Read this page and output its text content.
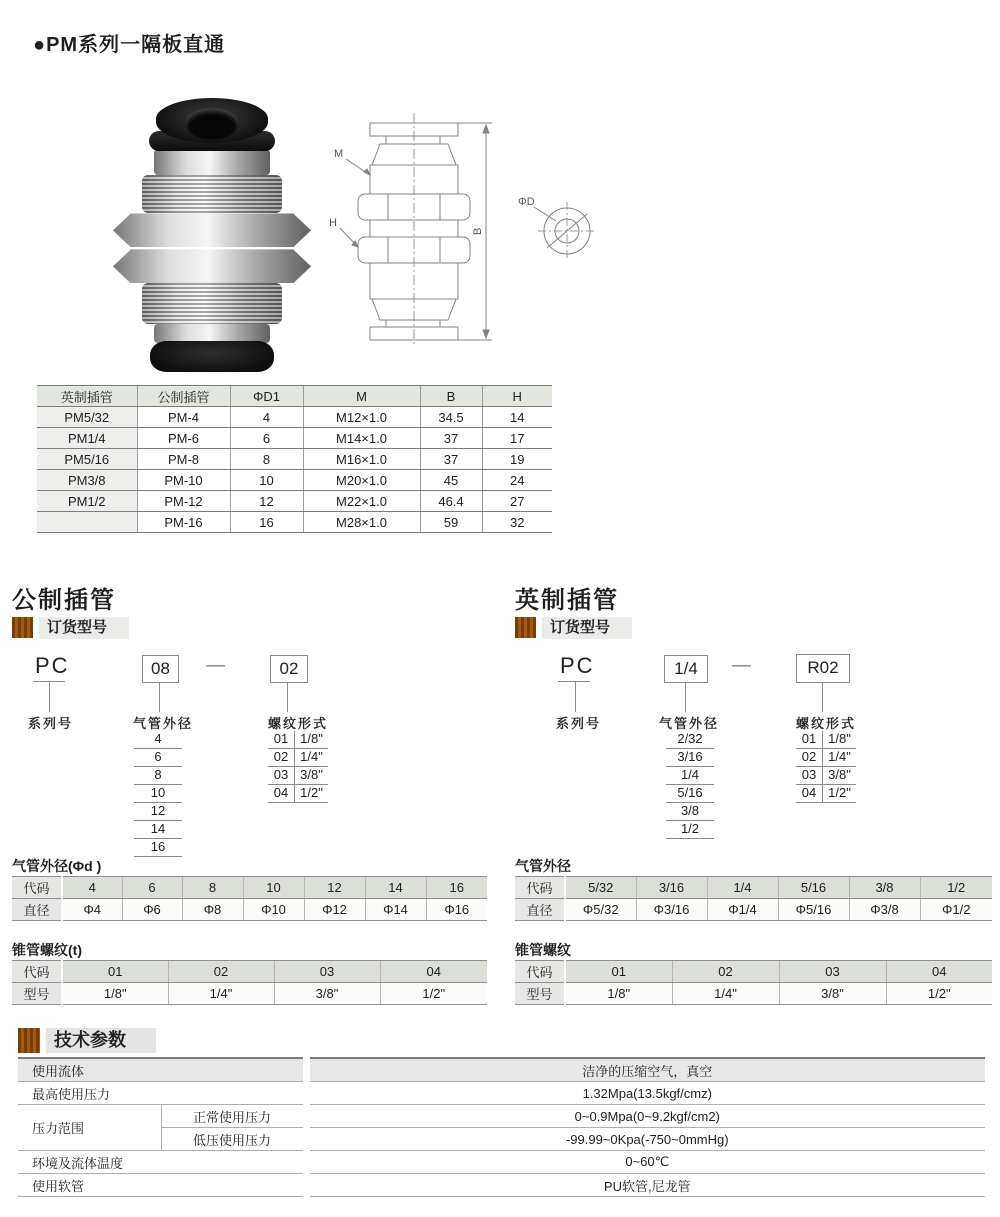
●PM系列一隔板直通
M
H
B
ΦD
英制插管	公制插管	ΦD1	M	B	H
PM5/32	PM-4	4	M12×1.0	34.5	14
PM1/4	PM-6	6	M14×1.0	37	17
PM5/16	PM-8	8	M16×1.0	37	19
PM3/8	PM-10	10	M20×1.0	45	24
PM1/2	PM-12	12	M22×1.0	46.4	27
	PM-16	16	M28×1.0	59	32
公制插管
订货型号
PC	08	—	02
系列号	气管外径	螺纹形式
4
6
8
10
12
14
16
01 1/8"
02 1/4"
03 3/8"
04 1/2"
英制插管
订货型号
PC	1/4	—	R02
系列号	气管外径	螺纹形式
2/32
3/16
1/4
5/16
3/8
1/2
01 1/8"
02 1/4"
03 3/8"
04 1/2"
气管外径(Φd )
代码	4	6	8	10	12	14	16
直径	Φ4	Φ6	Φ8	Φ10	Φ12	Φ14	Φ16
锥管螺纹(t)
代码	01	02	03	04
型号	1/8"	1/4"	3/8"	1/2"
气管外径
代码	5/32	3/16	1/4	5/16	3/8	1/2
直径	Φ5/32	Φ3/16	Φ1/4	Φ5/16	Φ3/8	Φ1/2
锥管螺纹
代码	01	02	03	04
型号	1/8"	1/4"	3/8"	1/2"
技术参数
使用流体		洁净的压缩空气，真空
最高使用压力		1.32Mpa(13.5kgf/cmz)
压力范围	正常使用压力	0~0.9Mpa(0~9.2kgf/cm2)
	低压使用压力	-99.99~0Kpa(-750~0mmHg)
环境及流体温度		0~60℃
使用软管		PU软管,尼龙管
